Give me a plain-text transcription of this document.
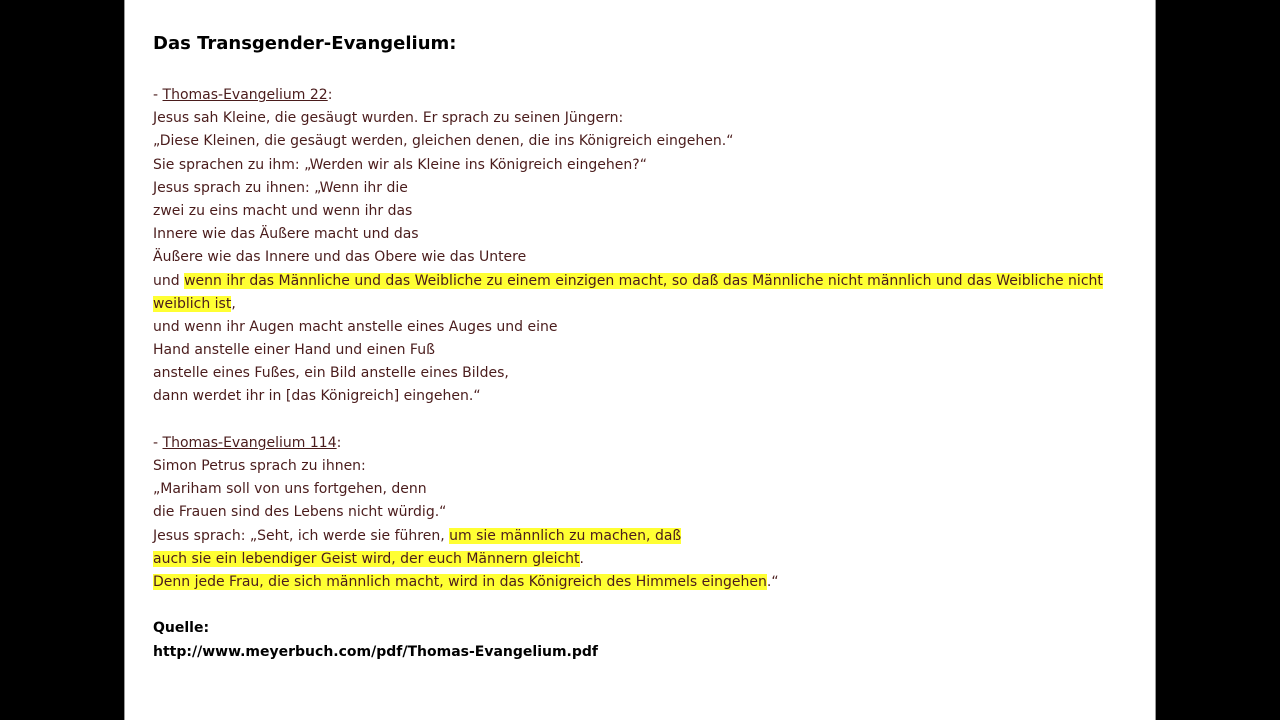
Das Transgender-Evangelium:
- Thomas-Evangelium 22:
Jesus sah Kleine, die gesäugt wurden. Er sprach zu seinen Jüngern:
„Diese Kleinen, die gesäugt werden, gleichen denen, die ins Königreich eingehen.“
Sie sprachen zu ihm: „Werden wir als Kleine ins Königreich eingehen?“
Jesus sprach zu ihnen: „Wenn ihr die
zwei zu eins macht und wenn ihr das
Innere wie das Äußere macht und das
Äußere wie das Innere und das Obere wie das Untere
und wenn ihr das Männliche und das Weibliche zu einem einzigen macht, so daß das Männliche nicht männlich und das Weibliche nicht
weiblich ist,
und wenn ihr Augen macht anstelle eines Auges und eine
Hand anstelle einer Hand und einen Fuß
anstelle eines Fußes, ein Bild anstelle eines Bildes,
dann werdet ihr in [das Königreich] eingehen.“
- Thomas-Evangelium 114:
Simon Petrus sprach zu ihnen:
„Mariham soll von uns fortgehen, denn
die Frauen sind des Lebens nicht würdig.“
Jesus sprach: „Seht, ich werde sie führen, um sie männlich zu machen, daß
auch sie ein lebendiger Geist wird, der euch Männern gleicht.
Denn jede Frau, die sich männlich macht, wird in das Königreich des Himmels eingehen.“
Quelle:
http://www.meyerbuch.com/pdf/Thomas-Evangelium.pdf
